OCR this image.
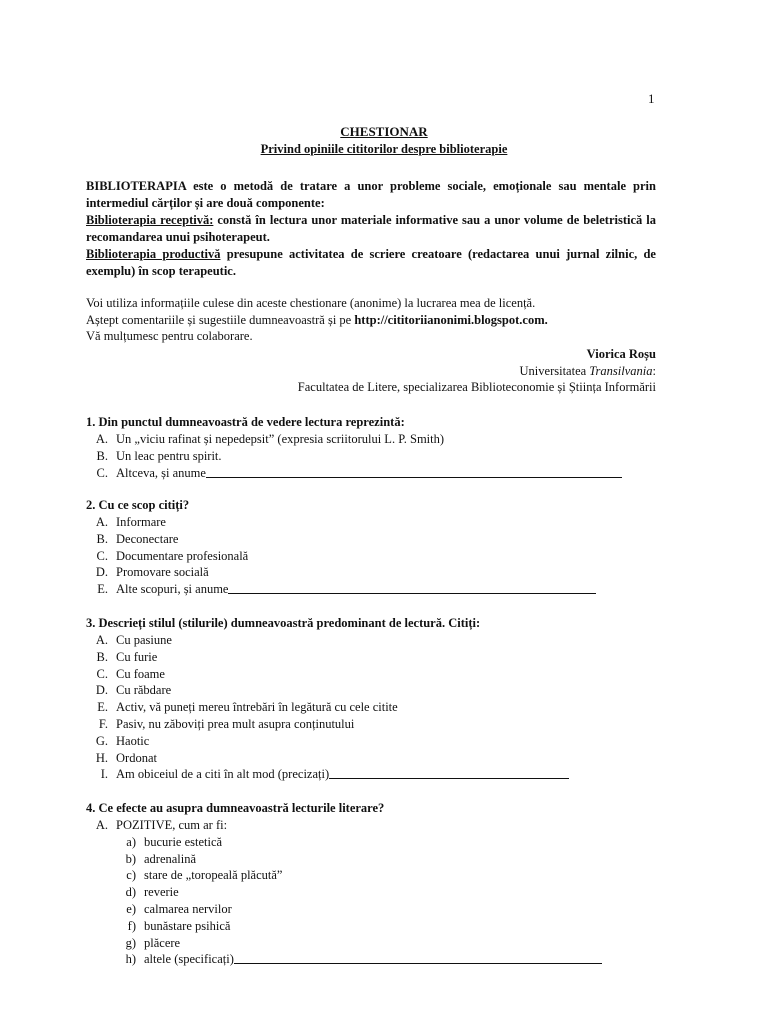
1
CHESTIONAR
Privind opiniile cititorilor despre biblioterapie

BIBLIOTERAPIA este o metodă de tratare a unor probleme sociale, emoționale sau mentale prin intermediul cărților și are două componente:

Biblioterapia receptivă: constă în lectura unor materiale informative sau a unor volume de beletristică la recomandarea unui psihoterapeut.

Biblioterapia productivă presupune activitatea de scriere creatoare (redactarea unui jurnal zilnic, de exemplu) în scop terapeutic.

Voi utiliza informațiile culese din aceste chestionare (anonime) la lucrarea mea de licență.
Aștept comentariile și sugestiile dumneavoastră și pe http://cititoriianonimi.blogspot.com.
Vă mulțumesc pentru colaborare.
Viorica Roșu
Universitatea Transilvania:
Facultatea de Litere, specializarea Biblioteconomie și Știința Informării
1. Din punctul dumneavoastră de vedere lectura reprezintă:
A. Un „viciu rafinat și nepedepsit” (expresia scriitorului L. P. Smith)
B. Un leac pentru spirit.
C. Altceva, și anume
2. Cu ce scop citiți?
A. Informare
B. Deconectare
C. Documentare profesională
D. Promovare socială
E. Alte scopuri, și anume
3. Descrieți stilul (stilurile) dumneavoastră predominant de lectură. Citiți:
A. Cu pasiune
B. Cu furie
C. Cu foame
D. Cu răbdare
E. Activ, vă puneți mereu întrebări în legătură cu cele citite
F. Pasiv, nu zăboviți prea mult asupra conținutului
G. Haotic
H. Ordonat
I. Am obiceiul de a citi în alt mod (precizați)
4. Ce efecte au asupra dumneavoastră lecturile literare?
A. POZITIVE, cum ar fi:
a) bucurie estetică
b) adrenalină
c) stare de „toropeală plăcută”
d) reverie
e) calmarea nervilor
f) bunăstare psihică
g) plăcere
h) altele (specificați)
